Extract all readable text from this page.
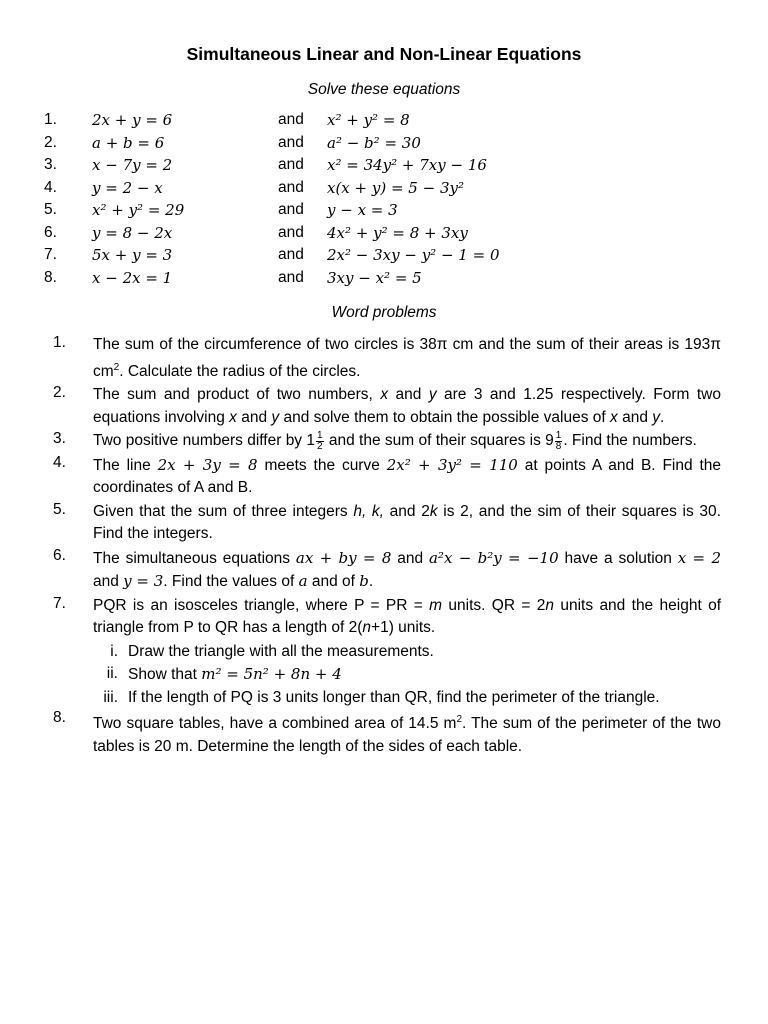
Simultaneous Linear and Non-Linear Equations
Solve these equations
1. 2x + y = 6	and x² + y² = 8
2. a + b = 6	and a² − b² = 30
3. x − 7y = 2	and x² = 34y² + 7xy − 16
4. y = 2 − x	and x(x + y) = 5 − 3y²
5. x² + y² = 29	and y − x = 3
6. y = 8 − 2x	and 4x² + y² = 8 + 3xy
7. 5x + y = 3	and 2x² − 3xy − y² − 1 = 0
8. x − 2x = 1	and 3xy − x² = 5
Word problems
1.	The sum of the circumference of two circles is 38π cm and the sum of their areas is 193π $cm^2$. Calculate the radius of the circles.
2.	The sum and product of two numbers, x and y are 3 and 1.25 respectively. Form two equations involving x and y and solve them to obtain the possible values of x and y.
3.	Two positive numbers differ by $1 \frac{1}{2}$ and the sum of their squares is $9 \frac{1}{8}$ . Find the numbers.
4.	The line 2x + 3y = 8 meets the curve 2x² + 3y² = 110 at points A and B. Find the coordinates of A and B.
5.	Given that the sum of three integers h, k, and 2k is 2, and the sim of their squares is 30. Find the integers.
6.	The simultaneous equations ax + by = 8 and a²x − b²y = −10 have a solution x = 2 and y = 3. Find the values of a and of b.
7.	PQR is an isosceles triangle, where P = PR = m units. QR = 2n units and the height of triangle from P to QR has a length of 2(n+1) units.
i. Draw the triangle with all the measurements.
ii. Show that m² = 5n² + 8n + 4
iii. If the length of PQ is 3 units longer than QR, find the perimeter of the triangle.
8.	Two square tables, have a combined area of 14.5 $m^2$. The sum of the perimeter of the two tables is 20 m. Determine the length of the sides of each table.
